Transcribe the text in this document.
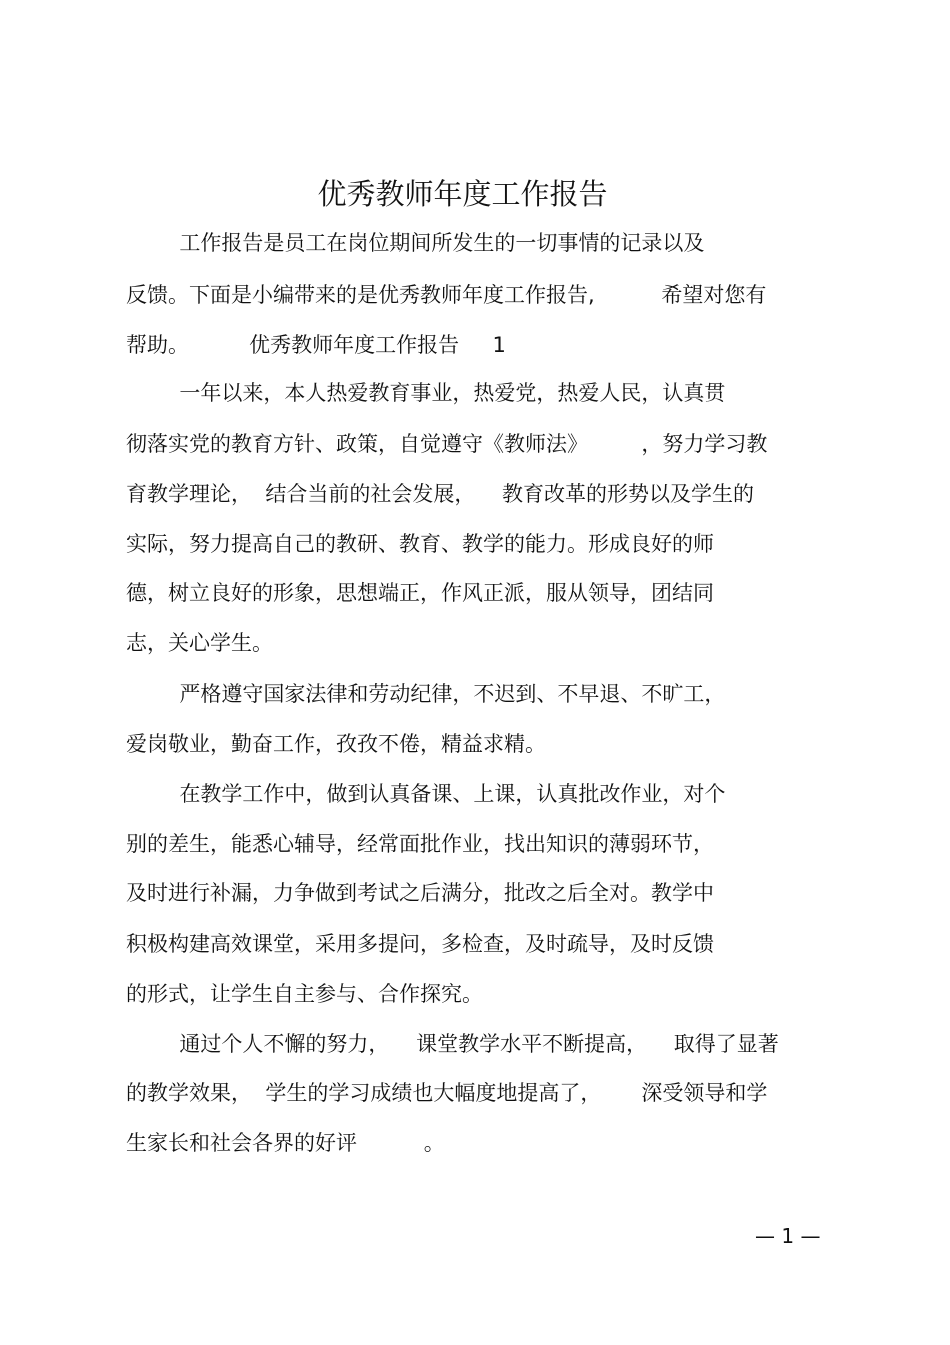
优秀教师年度工作报告
工作报告是员工在岗位期间所发生的一切事情的记录以及
反馈。下面是小编带来的是优秀教师年度工作报告,          希望对您有
帮助。         优秀教师年度工作报告     1
一年以来，本人热爱教育事业，热爱党，热爱人民，认真贯
彻落实党的教育方针、政策，自觉遵守《教师法》        ，努力学习教
育教学理论，  结合当前的社会发展，    教育改革的形势以及学生的
实际，努力提高自己的教研、教育、教学的能力。形成良好的师
德，树立良好的形象，思想端正，作风正派，服从领导，团结同
志，关心学生。
严格遵守国家法律和劳动纪律，不迟到、不早退、不旷工，
爱岗敬业，勤奋工作，孜孜不倦，精益求精。
在教学工作中，做到认真备课、上课，认真批改作业，对个
别的差生，能悉心辅导，经常面批作业，找出知识的薄弱环节，
及时进行补漏，力争做到考试之后满分，批改之后全对。教学中
积极构建高效课堂，采用多提问，多检查，及时疏导，及时反馈
的形式，让学生自主参与、合作探究。
通过个人不懈的努力，    课堂教学水平不断提高，    取得了显著
的教学效果，  学生的学习成绩也大幅度地提高了，      深受领导和学
生家长和社会各界的好评          。
— 1 —
